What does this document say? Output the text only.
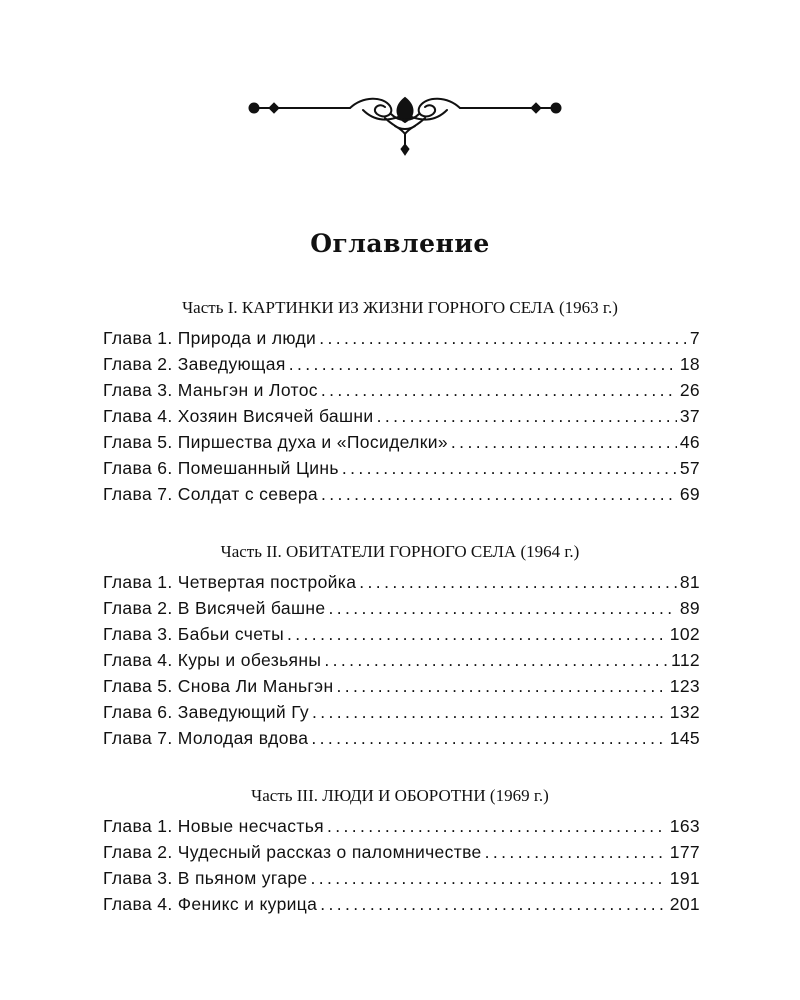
Оглавление
Часть I. КАРТИНКИ ИЗ ЖИЗНИ ГОРНОГО СЕЛА (1963 г.)
Глава 1. Природа и люди .....	7
Глава 2. Заведующая .....	18
Глава 3. Маньгэн и Лотос .....	26
Глава 4. Хозяин Висячей башни .....	37
Глава 5. Пиршества духа и «Посиделки» .....	46
Глава 6. Помешанный Цинь .....	57
Глава 7. Солдат с севера .....	69
Часть II. ОБИТАТЕЛИ ГОРНОГО СЕЛА (1964 г.)
Глава 1. Четвертая постройка .....	81
Глава 2. В Висячей башне .....	89
Глава 3. Бабьи счеты .....	102
Глава 4. Куры и обезьяны .....	112
Глава 5. Снова Ли Маньгэн .....	123
Глава 6. Заведующий Гу .....	132
Глава 7. Молодая вдова .....	145
Часть III. ЛЮДИ И ОБОРОТНИ (1969 г.)
Глава 1. Новые несчастья .....	163
Глава 2. Чудесный рассказ о паломничестве .....	177
Глава 3. В пьяном угаре .....	191
Глава 4. Феникс и курица .....	201
